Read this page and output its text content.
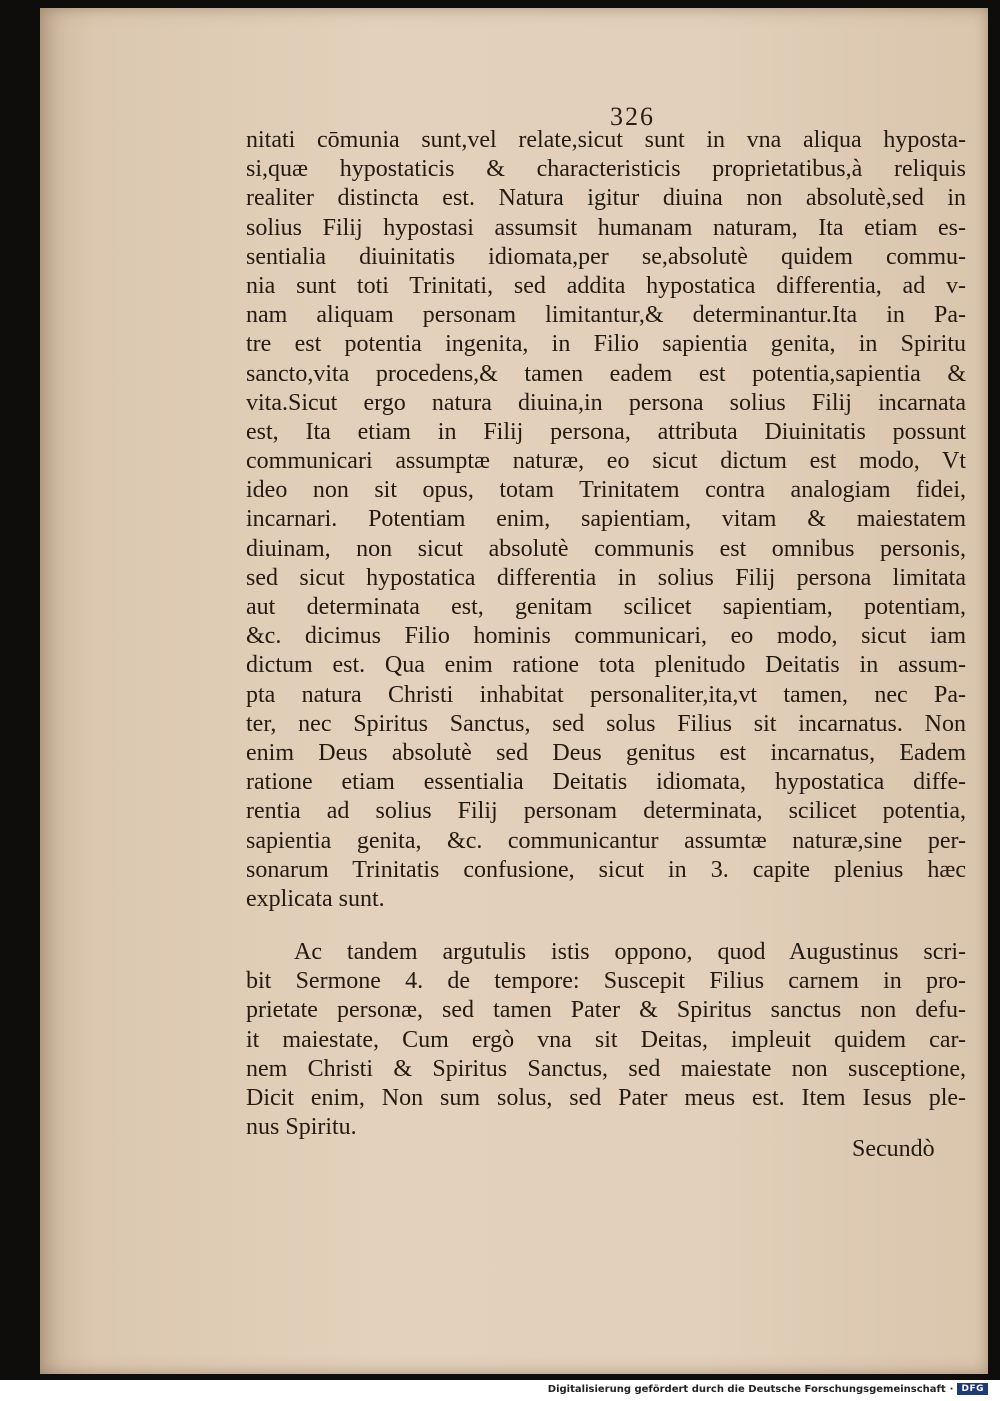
326

nitati cōmunia sunt,vel relate,sicut sunt in vna aliqua hyposta-
si,quæ hypostaticis & characteristicis proprietatibus,à reliquis
realiter distincta est. Natura igitur diuina non absolutè,sed in
solius Filij hypostasi assumsit humanam naturam, Ita etiam es-
sentialia diuinitatis idiomata,per se,absolutè quidem commu-
nia sunt toti Trinitati, sed addita hypostatica differentia, ad v-
nam aliquam personam limitantur,& determinantur.Ita in Pa-
tre est potentia ingenita, in Filio sapientia genita, in Spiritu
sancto,vita procedens,& tamen eadem est potentia,sapientia &
vita.Sicut ergo natura diuina,in persona solius Filij incarnata
est, Ita etiam in Filij persona, attributa Diuinitatis possunt
communicari assumptæ naturæ, eo sicut dictum est modo, Vt
ideo non sit opus, totam Trinitatem contra analogiam fidei,
incarnari. Potentiam enim, sapientiam, vitam & maiestatem
diuinam, non sicut absolutè communis est omnibus personis,
sed sicut hypostatica differentia in solius Filij persona limitata
aut determinata est, genitam scilicet sapientiam, potentiam,
&c. dicimus Filio hominis communicari, eo modo, sicut iam
dictum est. Qua enim ratione tota plenitudo Deitatis in assum-
pta natura Christi inhabitat personaliter,ita,vt tamen, nec Pa-
ter, nec Spiritus Sanctus, sed solus Filius sit incarnatus. Non
enim Deus absolutè sed Deus genitus est incarnatus, Eadem
ratione etiam essentialia Deitatis idiomata, hypostatica diffe-
rentia ad solius Filij personam determinata, scilicet potentia,
sapientia genita, &c. communicantur assumtæ naturæ,sine per-
sonarum Trinitatis confusione, sicut in 3. capite plenius hæc
explicata sunt.
Ac tandem argutulis istis oppono, quod Augustinus scri-
bit Sermone 4. de tempore: Suscepit Filius carnem in pro-
prietate personæ, sed tamen Pater & Spiritus sanctus non defu-
it maiestate, Cum ergò vna sit Deitas, impleuit quidem car-
nem Christi & Spiritus Sanctus, sed maiestate non susceptione,
Dicit enim, Non sum solus, sed Pater meus est. Item Iesus ple-
nus Spiritu.

Secundò

Digitalisierung gefördert durch die Deutsche Forschungsgemeinschaft · DFG
